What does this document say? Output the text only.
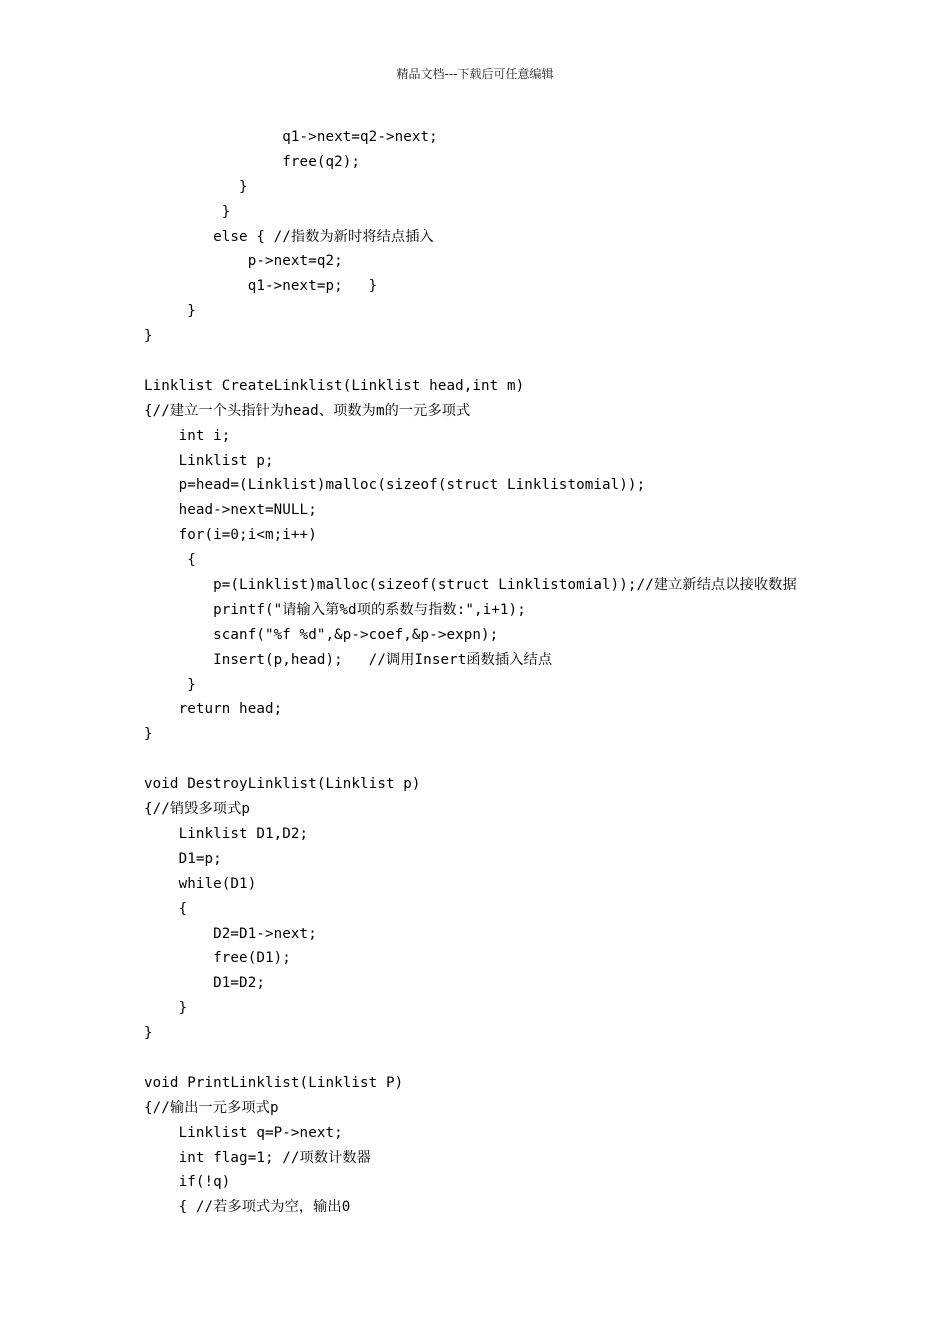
精品文档---下载后可任意编辑
q1->next=q2->next;
free(q2);
}
}
else { //指数为新时将结点插入
p->next=q2;
q1->next=p;   }
}
}
Linklist CreateLinklist(Linklist head,int m)
{//建立一个头指针为head、项数为m的一元多项式
int i;
Linklist p;
p=head=(Linklist)malloc(sizeof(struct Linklistomial));
head->next=NULL;
for(i=0;i<m;i++)
{
p=(Linklist)malloc(sizeof(struct Linklistomial));//建立新结点以接收数据
printf("请输入第%d项的系数与指数:",i+1);
scanf("%f %d",&p->coef,&p->expn);
Insert(p,head);   //调用Insert函数插入结点
}
return head;
}
void DestroyLinklist(Linklist p)
{//销毁多项式p
Linklist D1,D2;
D1=p;
while(D1)
{
D2=D1->next;
free(D1);
D1=D2;
}
}
void PrintLinklist(Linklist P)
{//输出一元多项式p
Linklist q=P->next;
int flag=1; //项数计数器
if(!q)
{ //若多项式为空，输出0
